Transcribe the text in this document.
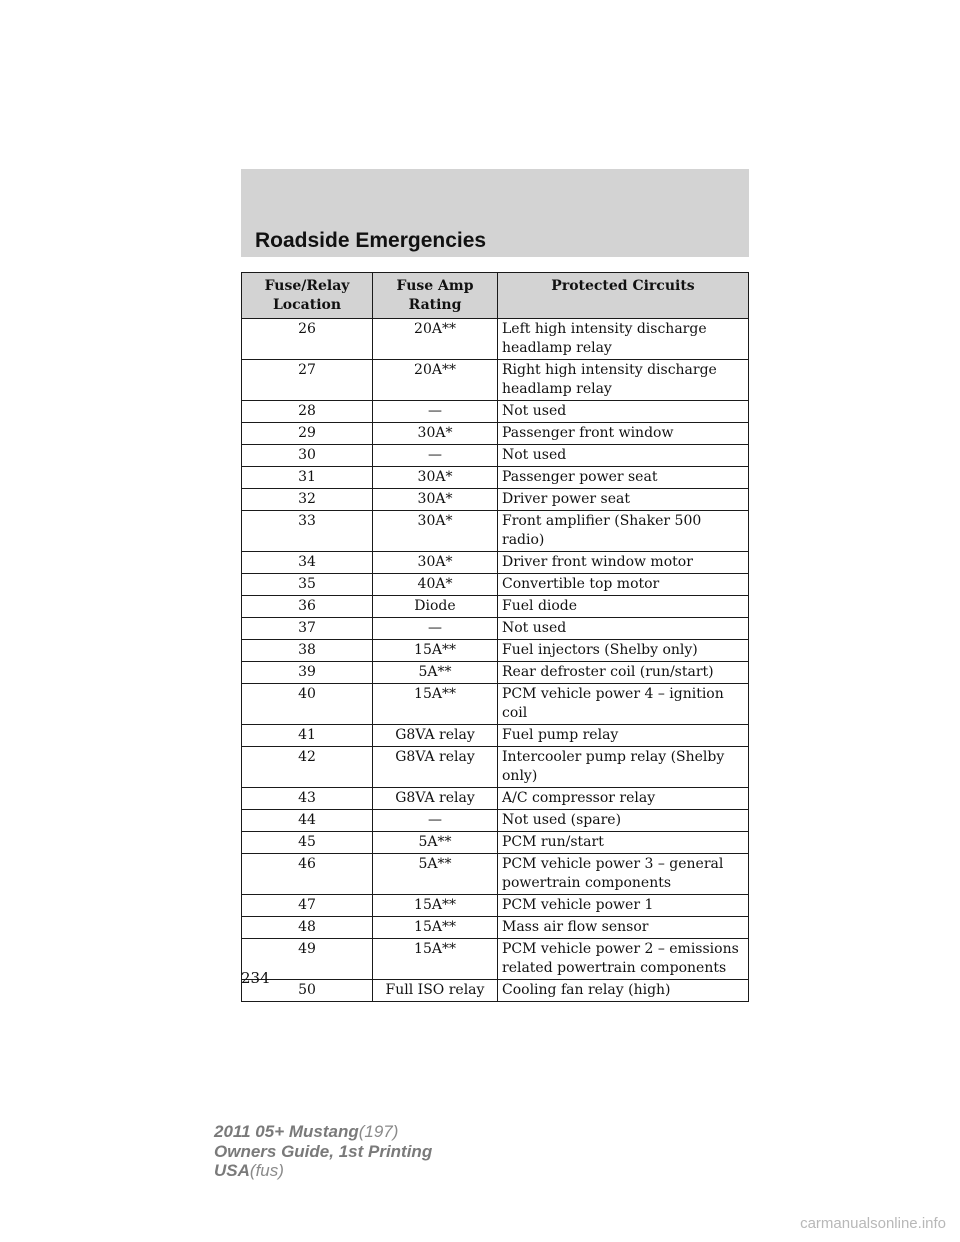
Roadside Emergencies
Fuse/Relay Location	Fuse Amp Rating	Protected Circuits
26	20A**	Left high intensity discharge headlamp relay
27	20A**	Right high intensity discharge headlamp relay
28	—	Not used
29	30A*	Passenger front window
30	—	Not used
31	30A*	Passenger power seat
32	30A*	Driver power seat
33	30A*	Front amplifier (Shaker 500 radio)
34	30A*	Driver front window motor
35	40A*	Convertible top motor
36	Diode	Fuel diode
37	—	Not used
38	15A**	Fuel injectors (Shelby only)
39	5A**	Rear defroster coil (run/start)
40	15A**	PCM vehicle power 4 – ignition coil
41	G8VA relay	Fuel pump relay
42	G8VA relay	Intercooler pump relay (Shelby only)
43	G8VA relay	A/C compressor relay
44	—	Not used (spare)
45	5A**	PCM run/start
46	5A**	PCM vehicle power 3 – general powertrain components
47	15A**	PCM vehicle power 1
48	15A**	Mass air flow sensor
49	15A**	PCM vehicle power 2 – emissions related powertrain components
50	Full ISO relay	Cooling fan relay (high)
234
2011 05+ Mustang(197)
Owners Guide, 1st Printing
USA(fus)
carmanualsonline.info
